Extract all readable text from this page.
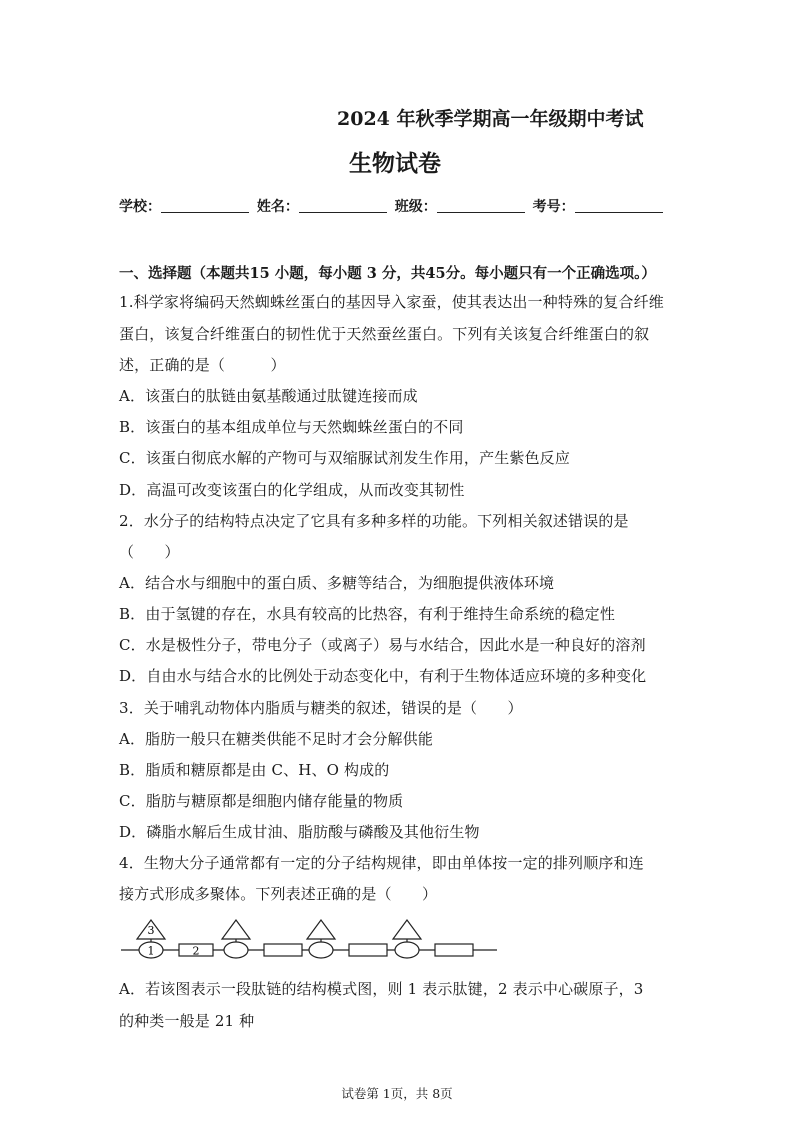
2024 年秋季学期高一年级期中考试
生物试卷
学校：	姓名：	班级：	考号：
一、选择题（本题共15 小题，每小题 3 分，共45分。每小题只有一个正确选项。）
1.科学家将编码天然蜘蛛丝蛋白的基因导入家蚕，使其表达出一种特殊的复合纤维
蛋白，该复合纤维蛋白的韧性优于天然蚕丝蛋白。下列有关该复合纤维蛋白的叙
述，正确的是（　　　）
A．该蛋白的肽链由氨基酸通过肽键连接而成
B．该蛋白的基本组成单位与天然蜘蛛丝蛋白的不同
C．该蛋白彻底水解的产物可与双缩脲试剂发生作用，产生紫色反应
D．高温可改变该蛋白的化学组成，从而改变其韧性
2．水分子的结构特点决定了它具有多种多样的功能。下列相关叙述错误的是
（　　）
A．结合水与细胞中的蛋白质、多糖等结合，为细胞提供液体环境
B．由于氢键的存在，水具有较高的比热容，有利于维持生命系统的稳定性
C．水是极性分子，带电分子（或离子）易与水结合，因此水是一种良好的溶剂
D．自由水与结合水的比例处于动态变化中，有利于生物体适应环境的多种变化
3．关于哺乳动物体内脂质与糖类的叙述，错误的是（　　）
A．脂肪一般只在糖类供能不足时才会分解供能
B．脂质和糖原都是由 C、H、O 构成的
C．脂肪与糖原都是细胞内储存能量的物质
D．磷脂水解后生成甘油、脂肪酸与磷酸及其他衍生物
4．生物大分子通常都有一定的分子结构规律，即由单体按一定的排列顺序和连
接方式形成多聚体。下列表述正确的是（　　）
3
1	2
A．若该图表示一段肽链的结构模式图，则 1 表示肽键，2 表示中心碳原子，3
的种类一般是 21 种
试卷第 1页，共 8页
